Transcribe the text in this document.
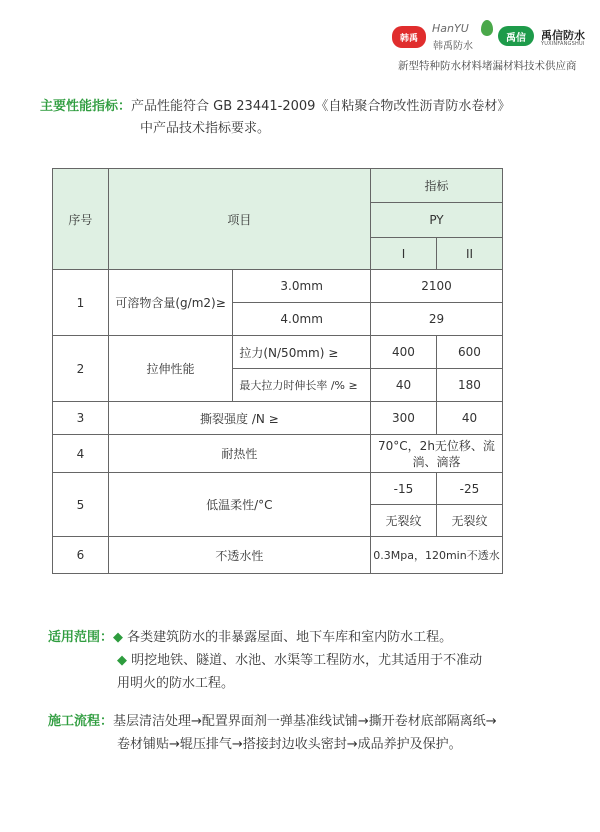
韩禹
HanYU
韩禹防水
禹信	禹信防水
YUXINFANGSHUI
新型特种防水材料堵漏材料技术供应商
主要性能指标：产品性能符合 GB 23441-2009《自粘聚合物改性沥青防水卷材》
中产品技术指标要求。
序号	项目		指标	
			PY	
			I	II
1	可溶物含量(g/m2)≥	3.0mm	2100	
		4.0mm	29	
2	拉伸性能	拉力(N/50mm) ≥	400	600
		最大拉力时伸长率 /% ≥	40	180
3	撕裂强度 /N ≥		300	40
4	耐热性		70°C，2h无位移、流淌、滴落	
5	低温柔性/°C		-15	-25
			无裂纹	无裂纹
6	不透水性		0.3Mpa，120min不透水	
适用范围：◆ 各类建筑防水的非暴露屋面、地下车库和室内防水工程。
◆ 明挖地铁、隧道、水池、水渠等工程防水，尤其适用于不准动
用明火的防水工程。
施工流程：基层清洁处理→配置界面剂一弹基准线试铺→撕开卷材底部隔离纸→
卷材铺贴→辊压排气→搭接封边收头密封→成品养护及保护。
